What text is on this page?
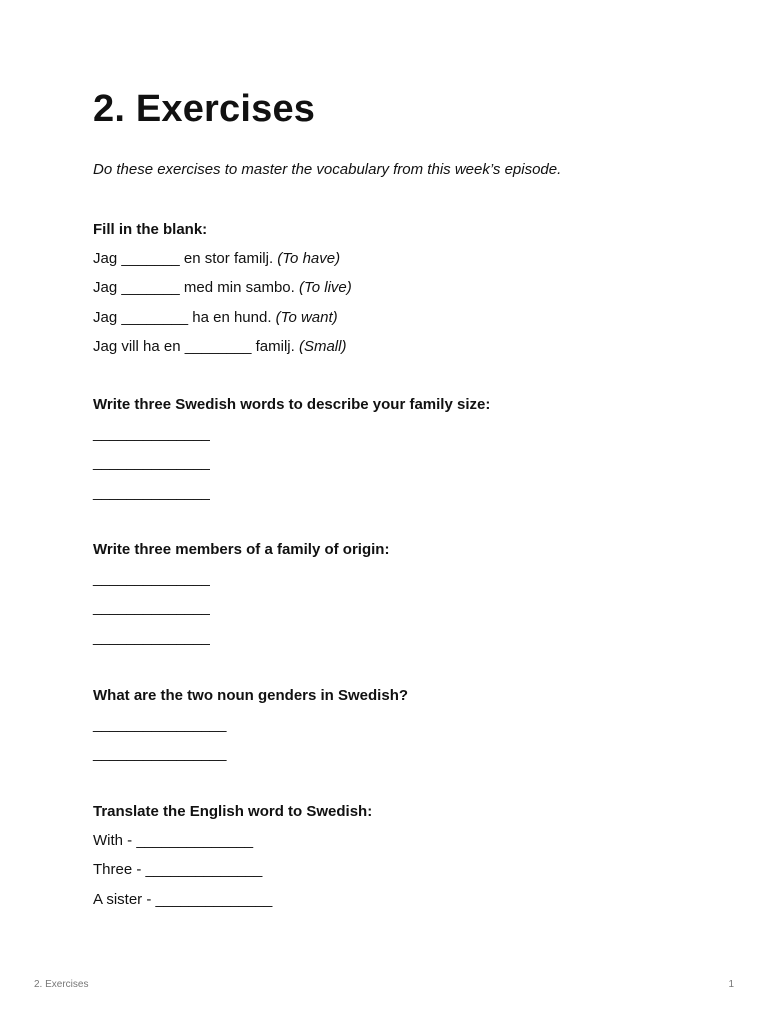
2. Exercises

Do these exercises to master the vocabulary from this week’s episode.

Fill in the blank:

Jag _______ en stor familj. (To have)

Jag _______ med min sambo. (To live)

Jag ________ ha en hund. (To want)

Jag vill ha en ________ familj. (Small)

Write three Swedish words to describe your family size:

______________

______________

______________

Write three members of a family of origin:

______________

______________

______________

What are the two noun genders in Swedish?

________________

________________

Translate the English word to Swedish:

With - ______________

Three - ______________

A sister - ______________

2. Exercises	1
